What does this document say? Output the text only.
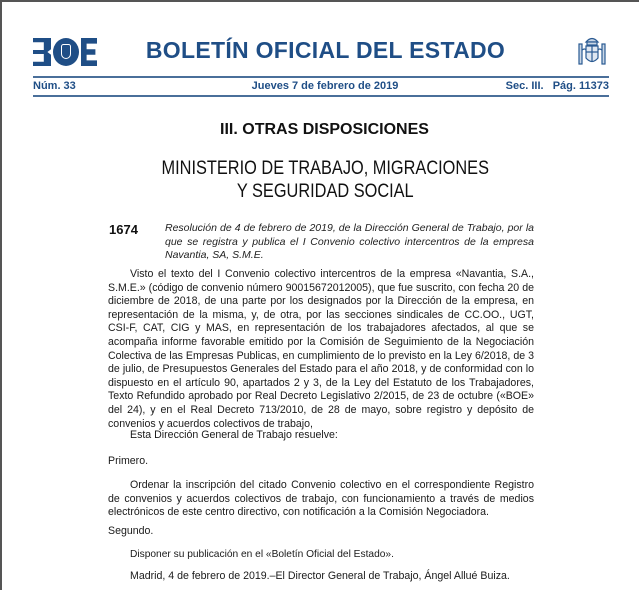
BOLETÍN OFICIAL DEL ESTADO
Núm. 33	Jueves 7 de febrero de 2019	Sec. III.   Pág. 11373
III. OTRAS DISPOSICIONES
MINISTERIO DE TRABAJO, MIGRACIONES
Y SEGURIDAD SOCIAL
1674	Resolución de 4 de febrero de 2019, de la Dirección General de Trabajo, por la que se registra y publica el I Convenio colectivo intercentros de la empresa Navantia, SA, S.M.E.
Visto el texto del I Convenio colectivo intercentros de la empresa «Navantia, S.A., S.M.E.» (código de convenio número 90015672012005), que fue suscrito, con fecha 20 de diciembre de 2018, de una parte por los designados por la Dirección de la empresa, en representación de la misma, y, de otra, por las secciones sindicales de CC.OO., UGT, CSI-F, CAT, CIG y MAS, en representación de los trabajadores afectados, al que se acompaña informe favorable emitido por la Comisión de Seguimiento de la Negociación Colectiva de las Empresas Publicas, en cumplimiento de lo previsto en la Ley 6/2018, de 3 de julio, de Presupuestos Generales del Estado para el año 2018, y de conformidad con lo dispuesto en el artículo 90, apartados 2 y 3, de la Ley del Estatuto de los Trabajadores, Texto Refundido aprobado por Real Decreto Legislativo 2/2015, de 23 de octubre («BOE» del 24), y en el Real Decreto 713/2010, de 28 de mayo, sobre registro y depósito de convenios y acuerdos colectivos de trabajo,
Esta Dirección General de Trabajo resuelve:
Primero.
Ordenar la inscripción del citado Convenio colectivo en el correspondiente Registro de convenios y acuerdos colectivos de trabajo, con funcionamiento a través de medios electrónicos de este centro directivo, con notificación a la Comisión Negociadora.
Segundo.
Disponer su publicación en el «Boletín Oficial del Estado».
Madrid, 4 de febrero de 2019.–El Director General de Trabajo, Ángel Allué Buiza.
